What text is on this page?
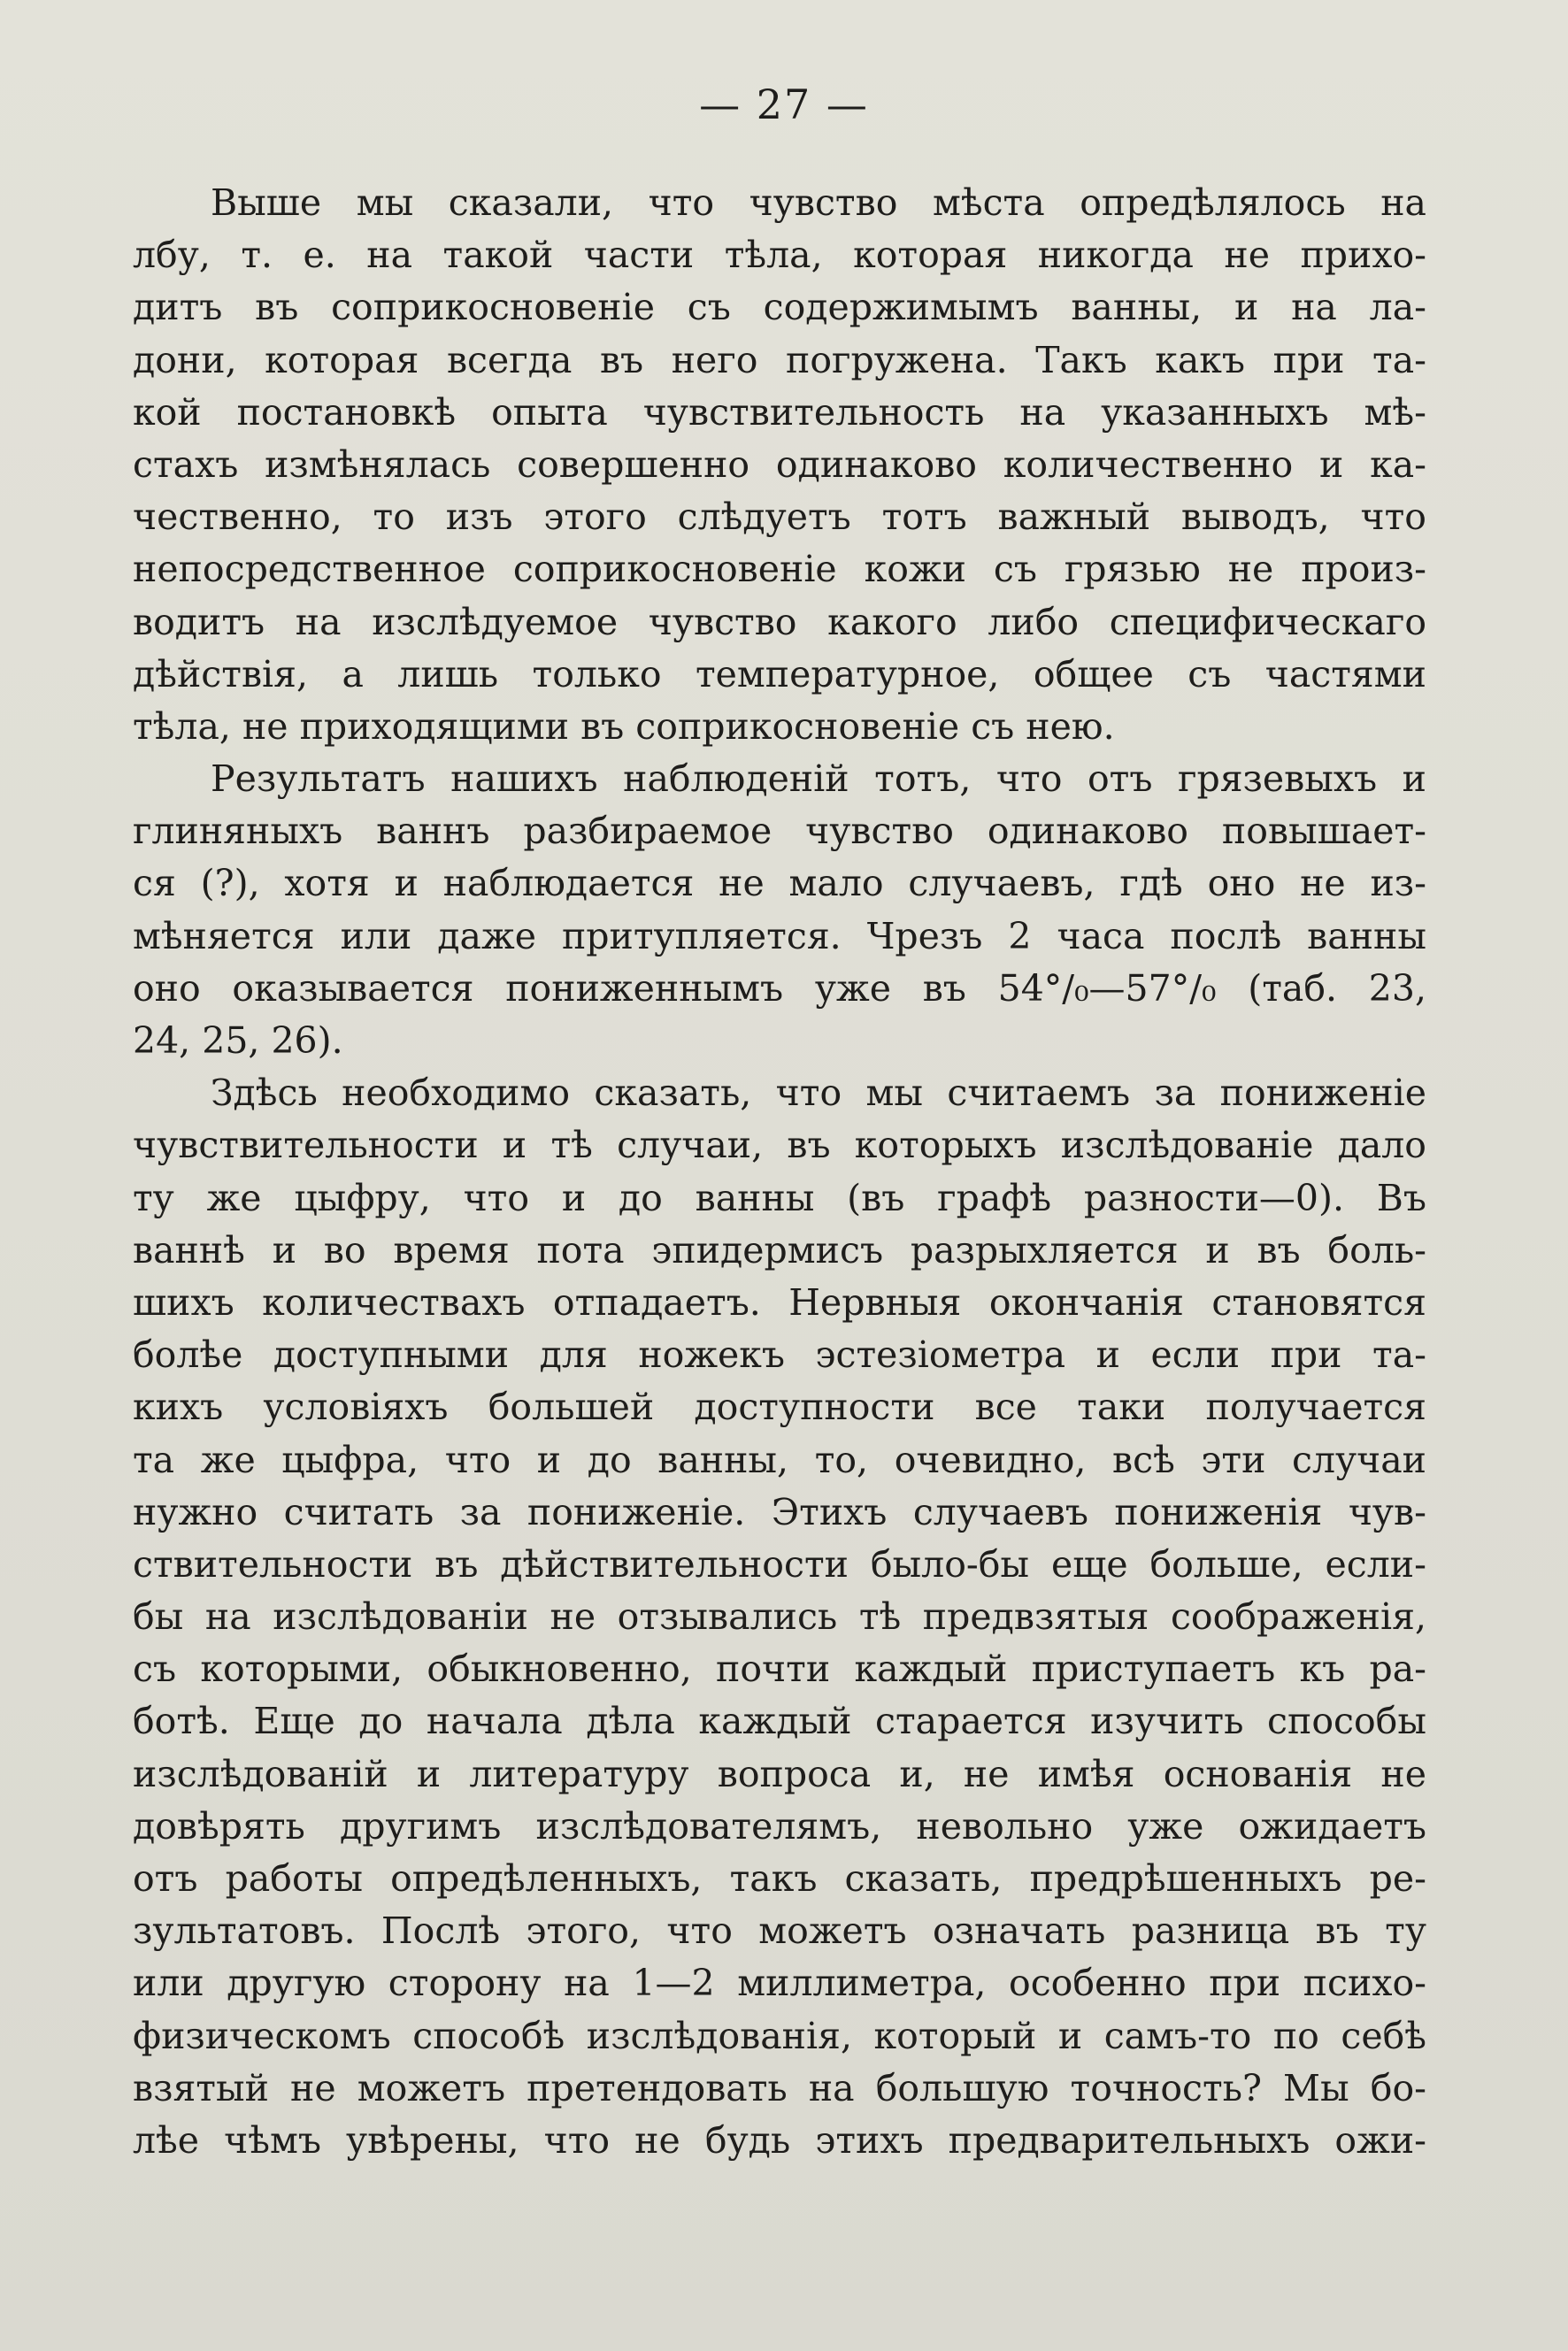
— 27 —
Выше мы сказали, что чувство мѣста опредѣлялось на
лбу, т. е. на такой части тѣла, которая никогда не прихо-
дитъ въ соприкосновеніе съ содержимымъ ванны, и на ла-
дони, которая всегда въ него погружена. Такъ какъ при та-
кой постановкѣ опыта чувствительность на указанныхъ мѣ-
стахъ измѣнялась совершенно одинаково количественно и ка-
чественно, то изъ этого слѣдуетъ тотъ важный выводъ, что
непосредственное соприкосновеніе кожи съ грязью не произ-
водитъ на изслѣдуемое чувство какого либо специфическаго
дѣйствія, а лишь только температурное, общее съ частями
тѣла, не приходящими въ соприкосновеніе съ нею.
Результатъ нашихъ наблюденій тотъ, что отъ грязевыхъ и
глиняныхъ ваннъ разбираемое чувство одинаково повышает-
ся (?), хотя и наблюдается не мало случаевъ, гдѣ оно не из-
мѣняется или даже притупляется. Чрезъ 2 часа послѣ ванны
оно оказывается пониженнымъ уже въ 54°/₀—57°/₀ (таб. 23,
24, 25, 26).
Здѣсь необходимо сказать, что мы считаемъ за пониженіе
чувствительности и тѣ случаи, въ которыхъ изслѣдованіе дало
ту же цыфру, что и до ванны (въ графѣ разности—0). Въ
ваннѣ и во время пота эпидермисъ разрыхляется и въ боль-
шихъ количествахъ отпадаетъ. Нервныя окончанія становятся
болѣе доступными для ножекъ эстезіометра и если при та-
кихъ условіяхъ большей доступности все таки получается
та же цыфра, что и до ванны, то, очевидно, всѣ эти случаи
нужно считать за пониженіе. Этихъ случаевъ пониженія чув-
ствительности въ дѣйствительности было-бы еще больше, если-
бы на изслѣдованіи не отзывались тѣ предвзятыя соображенія,
съ которыми, обыкновенно, почти каждый приступаетъ къ ра-
ботѣ. Еще до начала дѣла каждый старается изучить способы
изслѣдованій и литературу вопроса и, не имѣя основанія не
довѣрять другимъ изслѣдователямъ, невольно уже ожидаетъ
отъ работы опредѣленныхъ, такъ сказать, предрѣшенныхъ ре-
зультатовъ. Послѣ этого, что можетъ означать разница въ ту
или другую сторону на 1—2 миллиметра, особенно при психо-
физическомъ способѣ изслѣдованія, который и самъ-то по себѣ
взятый не можетъ претендовать на большую точность? Мы бо-
лѣе чѣмъ увѣрены, что не будь этихъ предварительныхъ ожи-
